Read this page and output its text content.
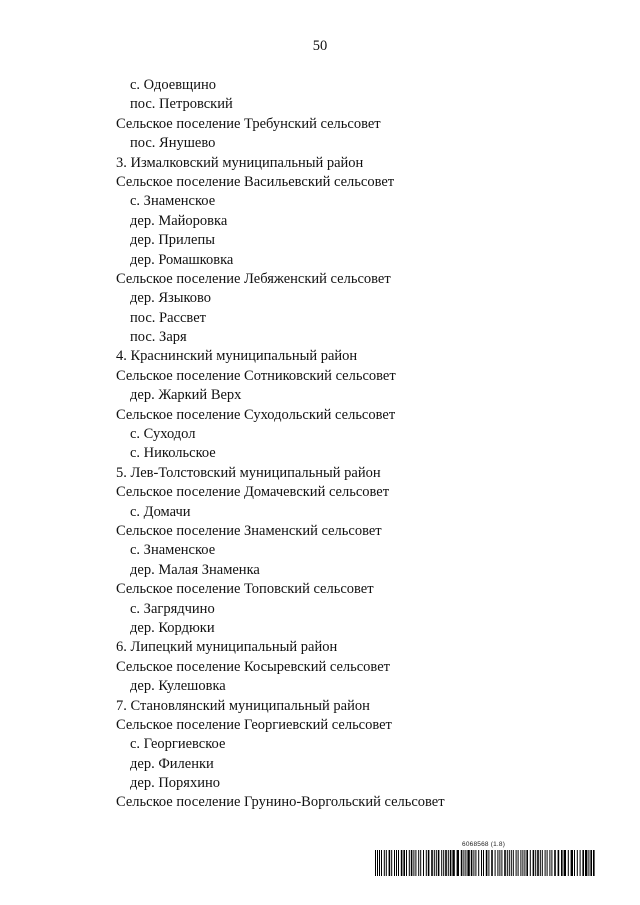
50
с. Одоевщино
пос. Петровский
Сельское поселение Требунский сельсовет
пос. Янушево
3. Измалковский муниципальный район
Сельское поселение Васильевский сельсовет
с. Знаменское
дер. Майоровка
дер. Прилепы
дер. Ромашковка
Сельское поселение Лебяженский сельсовет
дер. Языково
пос. Рассвет
пос. Заря
4. Краснинский муниципальный район
Сельское поселение Сотниковский сельсовет
дер. Жаркий Верх
Сельское поселение Суходольский сельсовет
с. Суходол
с. Никольское
5. Лев-Толстовский муниципальный район
Сельское поселение Домачевский сельсовет
с. Домачи
Сельское поселение Знаменский сельсовет
с. Знаменское
дер. Малая Знаменка
Сельское поселение Топовский сельсовет
с. Загрядчино
дер. Кордюки
6. Липецкий муниципальный район
Сельское поселение Косыревский сельсовет
дер. Кулешовка
7. Становлянский муниципальный район
Сельское поселение Георгиевский сельсовет
с. Георгиевское
дер. Филенки
дер. Поряхино
Сельское поселение Грунино-Воргольский сельсовет
6068568 (1.8)
